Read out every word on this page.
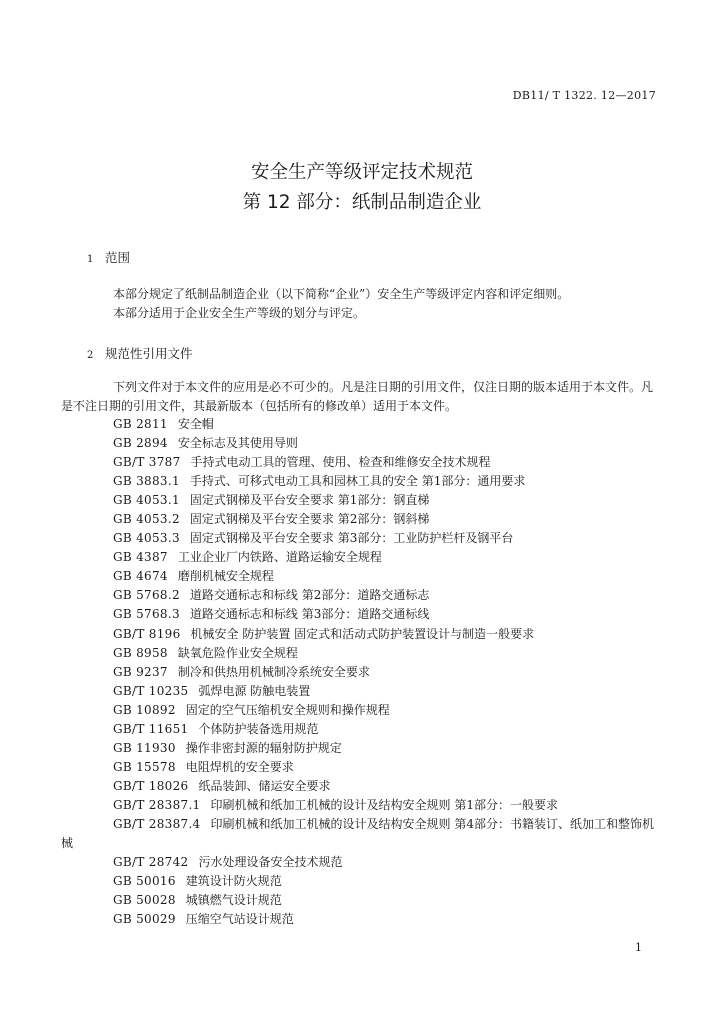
DB11/ T 1322. 12—2017
安全生产等级评定技术规范
第 12 部分：纸制品制造企业
1 范围

本部分规定了纸制品制造企业（以下简称“企业”）安全生产等级评定内容和评定细则。

本部分适用于企业安全生产等级的划分与评定。

2 规范性引用文件

下列文件对于本文件的应用是必不可少的。凡是注日期的引用文件，仅注日期的版本适用于本文件。凡是不注日期的引用文件，其最新版本（包括所有的修改单）适用于本文件。

GB 2811 安全帽

GB 2894 安全标志及其使用导则

GB/T 3787 手持式电动工具的管理、使用、检查和维修安全技术规程

GB 3883.1 手持式、可移式电动工具和园林工具的安全 第1部分：通用要求

GB 4053.1 固定式钢梯及平台安全要求 第1部分：钢直梯

GB 4053.2 固定式钢梯及平台安全要求 第2部分：钢斜梯

GB 4053.3 固定式钢梯及平台安全要求 第3部分：工业防护栏杆及钢平台

GB 4387 工业企业厂内铁路、道路运输安全规程

GB 4674 磨削机械安全规程

GB 5768.2 道路交通标志和标线 第2部分：道路交通标志

GB 5768.3 道路交通标志和标线 第3部分：道路交通标线

GB/T 8196 机械安全 防护装置 固定式和活动式防护装置设计与制造一般要求

GB 8958 缺氧危险作业安全规程

GB 9237 制冷和供热用机械制冷系统安全要求

GB/T 10235 弧焊电源 防触电装置

GB 10892 固定的空气压缩机安全规则和操作规程

GB/T 11651 个体防护装备选用规范

GB 11930 操作非密封源的辐射防护规定

GB 15578 电阻焊机的安全要求

GB/T 18026 纸品装卸、储运安全要求

GB/T 28387.1 印刷机械和纸加工机械的设计及结构安全规则 第1部分：一般要求

GB/T 28387.4 印刷机械和纸加工机械的设计及结构安全规则 第4部分：书籍装订、纸加工和整饰机械

GB/T 28742 污水处理设备安全技术规范

GB 50016 建筑设计防火规范

GB 50028 城镇燃气设计规范

GB 50029 压缩空气站设计规范

1
